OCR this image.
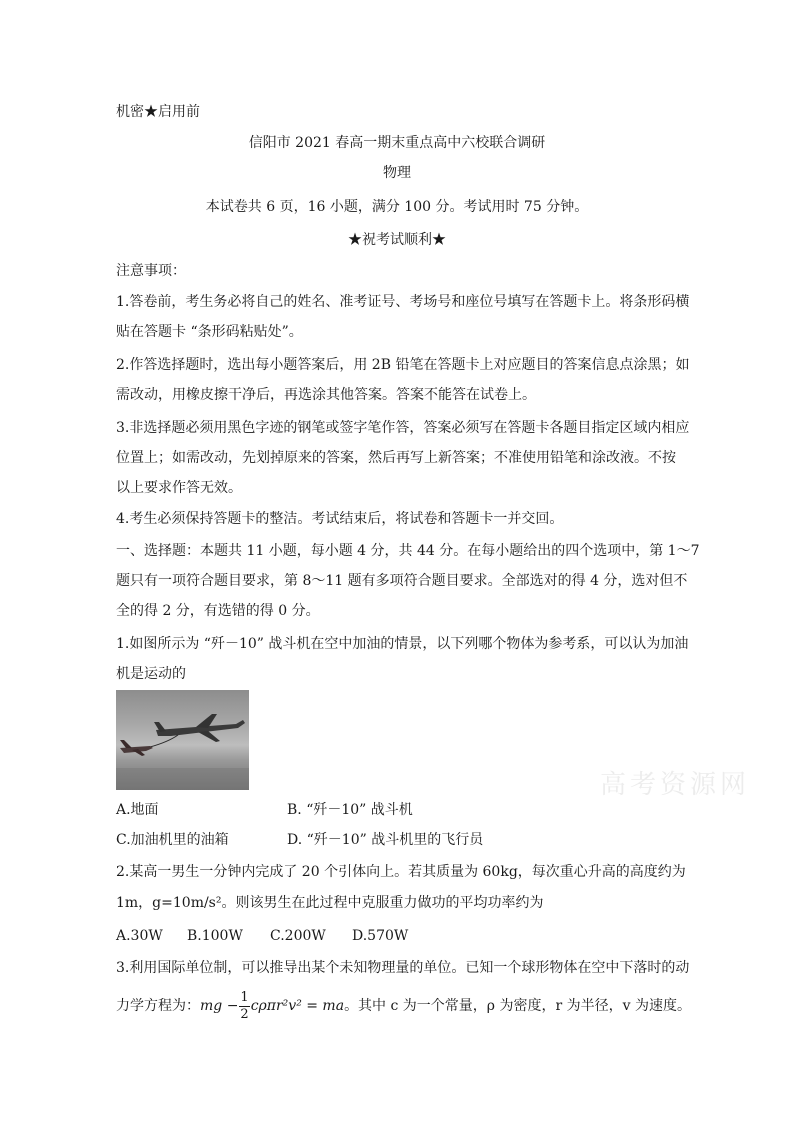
机密★启用前
信阳市 2021 春高一期末重点高中六校联合调研
物理
本试卷共 6 页，16 小题，满分 100 分。考试用时 75 分钟。
★祝考试顺利★
注意事项：
1.答卷前，考生务必将自己的姓名、准考证号、考场号和座位号填写在答题卡上。将条形码横
贴在答题卡 “条形码粘贴处”。
2.作答选择题时，选出每小题答案后，用 2B 铅笔在答题卡上对应题目的答案信息点涂黑；如
需改动，用橡皮擦干净后，再选涂其他答案。答案不能答在试卷上。
3.非选择题必须用黑色字迹的钢笔或签字笔作答，答案必须写在答题卡各题目指定区域内相应
位置上；如需改动，先划掉原来的答案，然后再写上新答案；不准使用铅笔和涂改液。不按
以上要求作答无效。
4.考生必须保持答题卡的整洁。考试结束后，将试卷和答题卡一并交回。
一、选择题：本题共 11 小题，每小题 4 分，共 44 分。在每小题给出的四个选项中，第 1～7
题只有一项符合题目要求，第 8～11 题有多项符合题目要求。全部选对的得 4 分，选对但不
全的得 2 分，有选错的得 0 分。
1.如图所示为 “歼－10” 战斗机在空中加油的情景，以下列哪个物体为参考系，可以认为加油
机是运动的
高考资源网
A.地面	B. “歼－10” 战斗机
C.加油机里的油箱	D. “歼－10” 战斗机里的飞行员
2.某高一男生一分钟内完成了 20 个引体向上。若其质量为 60kg，每次重心升高的高度约为
1m，g=10m/s²。则该男生在此过程中克服重力做功的平均功率约为
A.30W B.100W C.200W D.570W
3.利用国际单位制，可以推导出某个未知物理量的单位。已知一个球形物体在空中下落时的动
力学方程为：mg − $\frac{1}{2} c\rho\pi r^2v^2$ = ma。其中 c 为一个常量，ρ 为密度，r 为半径，v 为速度。
